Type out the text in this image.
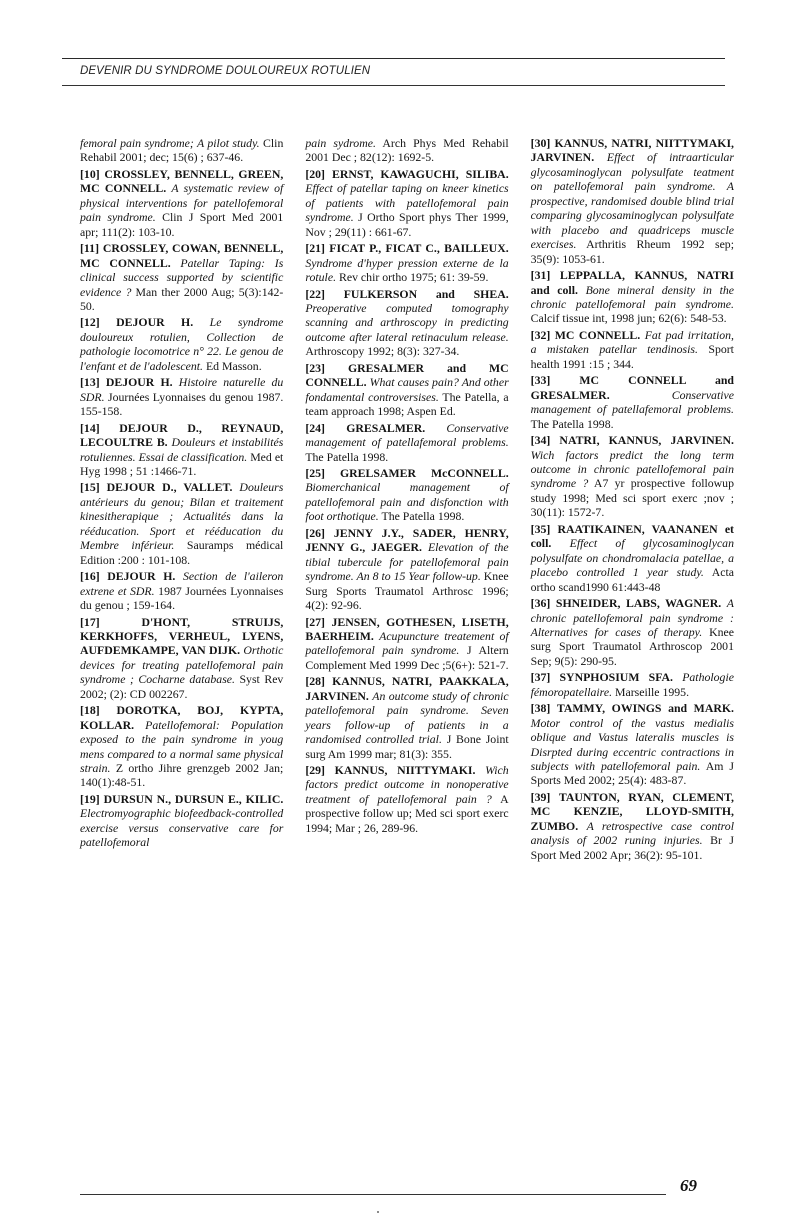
DEVENIR DU SYNDROME DOULOUREUX ROTULIEN

femoral pain syndrome; A pilot study. Clin Rehabil 2001; dec; 15(6) ; 637-46.

[10] CROSSLEY, BENNELL, GREEN, MC CONNELL. A systematic review of physical interventions for patellofemoral pain syndrome. Clin J Sport Med 2001 apr; 111(2): 103-10.

[11] CROSSLEY, COWAN, BENNELL, MC CONNELL. Patellar Taping: Is clinical success supported by scientific evidence ? Man ther 2000 Aug; 5(3):142-50.

[12] DEJOUR H. Le syndrome douloureux rotulien, Collection de pathologie locomotrice n° 22. Le genou de l'enfant et de l'adolescent. Ed Masson.

[13] DEJOUR H. Histoire naturelle du SDR. Journées Lyonnaises du genou 1987. 155-158.

[14] DEJOUR D., REYNAUD, LECOULTRE B. Douleurs et instabilités rotuliennes. Essai de classification. Med et Hyg 1998 ; 51 :1466-71.

[15] DEJOUR D., VALLET. Douleurs antérieurs du genou; Bilan et traitement kinesitherapique ; Actualités dans la rééducation. Sport et rééducation du Membre inférieur. Sauramps médical Edition :200 : 101-108.

[16] DEJOUR H. Section de l'aileron extrene et SDR. 1987 Journées Lyonnaises du genou ; 159-164.

[17]	D'HONT, STRUIJS, KERKHOFFS, VERHEUL, LYENS, AUFDEMKAMPE, VAN DIJK. Orthotic devices for treating patellofemoral pain syndrome ; Cocharne database. Syst Rev 2002; (2): CD 002267.

[18] DOROTKA, BOJ, KYPTA, KOLLAR. Patellofemoral: Population exposed to the pain syndrome in youg mens compared to a normal same physical strain. Z ortho Jihre grenzgeb 2002 Jan; 140(1):48-51.

[19] DURSUN N., DURSUN E., KILIC. Electromyographic biofeedback-controlled exercise versus conservative care for patellofemoral

pain sydrome. Arch Phys Med Rehabil 2001 Dec ; 82(12): 1692-5.

[20] ERNST, KAWAGUCHI, SILIBA. Effect of patellar taping on kneer kinetics of patients with patellofemoral pain syndrome. J Ortho Sport phys Ther 1999, Nov ; 29(11) : 661-67.

[21] FICAT P., FICAT C., BAILLEUX. Syndrome d'hyper pression externe de la rotule. Rev chir ortho 1975; 61: 39-59.

[22] FULKERSON and SHEA. Preoperative computed tomography scanning and arthroscopy in predicting outcome after lateral retinaculum release. Arthroscopy 1992; 8(3): 327-34.

[23] GRESALMER and MC CONNELL. What causes pain? And other fondamental controversises. The Patella, a team approach 1998; Aspen Ed.

[24] GRESALMER. Conservative management of patellafemoral problems. The Patella 1998.

[25] GRELSAMER McCONNELL. Biomerchanical management of patellofemoral pain and disfonction with foot orthotique. The Patella 1998.

[26] JENNY J.Y., SADER, HENRY, JENNY G., JAEGER. Elevation of the tibial tubercule for patellofemoral pain syndrome. An 8 to 15 Year follow-up. Knee Surg Sports Traumatol Arthrosc 1996; 4(2): 92-96.

[27] JENSEN, GOTHESEN, LISETH, BAERHEIM. Acupuncture treatement of patellofemoral pain syndrome. J Altern Complement Med 1999 Dec ;5(6+): 521-7.

[28] KANNUS, NATRI, PAAKKALA, JARVINEN. An outcome study of chronic patellofemoral pain syndrome. Seven years follow-up of patients in a randomised controlled trial. J Bone Joint surg Am 1999 mar; 81(3): 355.

[29] KANNUS, NIITTYMAKI. Wich factors predict outcome in nonoperative treatment of patellofemoral pain ? A prospective follow up; Med sci sport exerc 1994; Mar ; 26, 289-96.

[30] KANNUS, NATRI, NIITTYMAKI, JARVINEN. Effect of intraarticular glycosaminoglycan polysulfate teatment on patellofemoral pain syndrome. A prospective, randomised double blind trial comparing glycosaminoglycan polysulfate with placebo and quadriceps muscle exercises. Arthritis Rheum 1992 sep; 35(9): 1053-61.

[31] LEPPALLA, KANNUS, NATRI and coll. Bone mineral density in the chronic patellofemoral pain syndrome. Calcif tissue int, 1998 jun; 62(6): 548-53.

[32] MC CONNELL. Fat pad irritation, a mistaken patellar tendinosis. Sport health 1991 :15 ; 344.

[33] MC CONNELL and GRESALMER.	Conservative management of patellafemoral problems. The Patella 1998.

[34] NATRI, KANNUS, JARVINEN. Wich factors predict the long term outcome in chronic patellofemoral pain syndrome ? A7 yr prospective followup study 1998; Med sci sport exerc ;nov ; 30(11): 1572-7.

[35] RAATIKAINEN, VAANANEN et coll. Effect of glycosaminoglycan polysulfate on chondromalacia patellae, a placebo controlled 1 year study. Acta ortho scand1990 61:443-48

[36] SHNEIDER, LABS, WAGNER. A chronic patellofemoral pain syndrome : Alternatives for cases of therapy. Knee surg Sport Traumatol Arthroscop 2001 Sep; 9(5): 290-95.

[37] SYNPHOSIUM SFA. Pathologie fémoropatellaire. Marseille 1995.

[38] TAMMY, OWINGS and MARK. Motor control of the vastus medialis oblique and Vastus lateralis muscles is Disrpted during eccentric contractions in subjects with patellofemoral pain. Am J Sports Med 2002; 25(4): 483-87.

[39] TAUNTON, RYAN, CLEMENT, MC KENZIE, LLOYD-SMITH, ZUMBO. A retrospective case control analysis of 2002 runing injuries. Br J Sport Med 2002 Apr; 36(2): 95-101.

69
